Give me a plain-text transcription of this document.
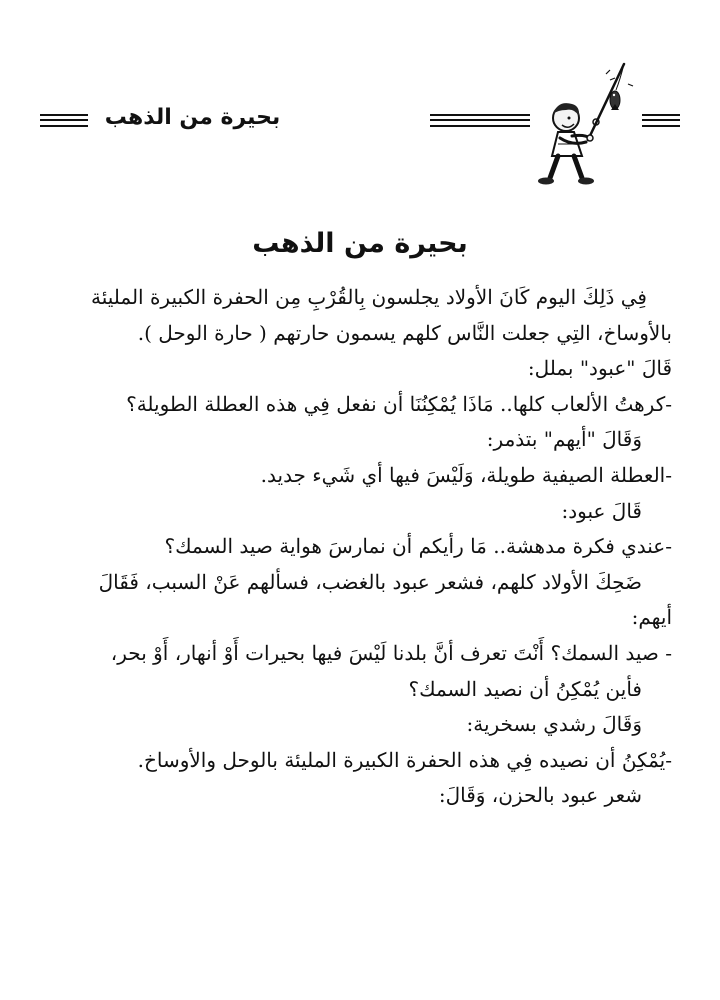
بحيرة من الذهب
بحيرة من الذهب

فِي ذَلِكَ اليوم كَانَ الأولاد يجلسون بِالقُرْبِ مِن الحفرة الكبيرة المليئة

بالأوساخ، التِي جعلت النَّاس كلهم يسمون حارتهم ( حارة الوحل ).

قَالَ "عبود" بملل:

-كرهتُ الألعاب كلها.. مَاذَا يُمْكِنُنَا أن نفعل فِي هذه العطلة الطويلة؟

وَقَالَ "أيهم" بتذمر:

-العطلة الصيفية طويلة، وَلَيْسَ فيها أي شَيء جديد.

قَالَ عبود:

-عندي فكرة مدهشة.. مَا رأيكم أن نمارسَ هواية صيد السمك؟

ضَحِكَ الأولاد كلهم، فشعر عبود بالغضب، فسألهم عَنْ السبب، فَقَالَ

أيهم:

- صيد السمك؟ أَنْتَ تعرف أنَّ بلدنا لَيْسَ فيها بحيرات أَوْ أنهار، أَوْ بحر،

فأين يُمْكِنُ أن نصيد السمك؟

وَقَالَ رشدي بسخرية:

-يُمْكِنُ أن نصيده فِي هذه الحفرة الكبيرة المليئة بالوحل والأوساخ.

شعر عبود بالحزن، وَقَالَ:
